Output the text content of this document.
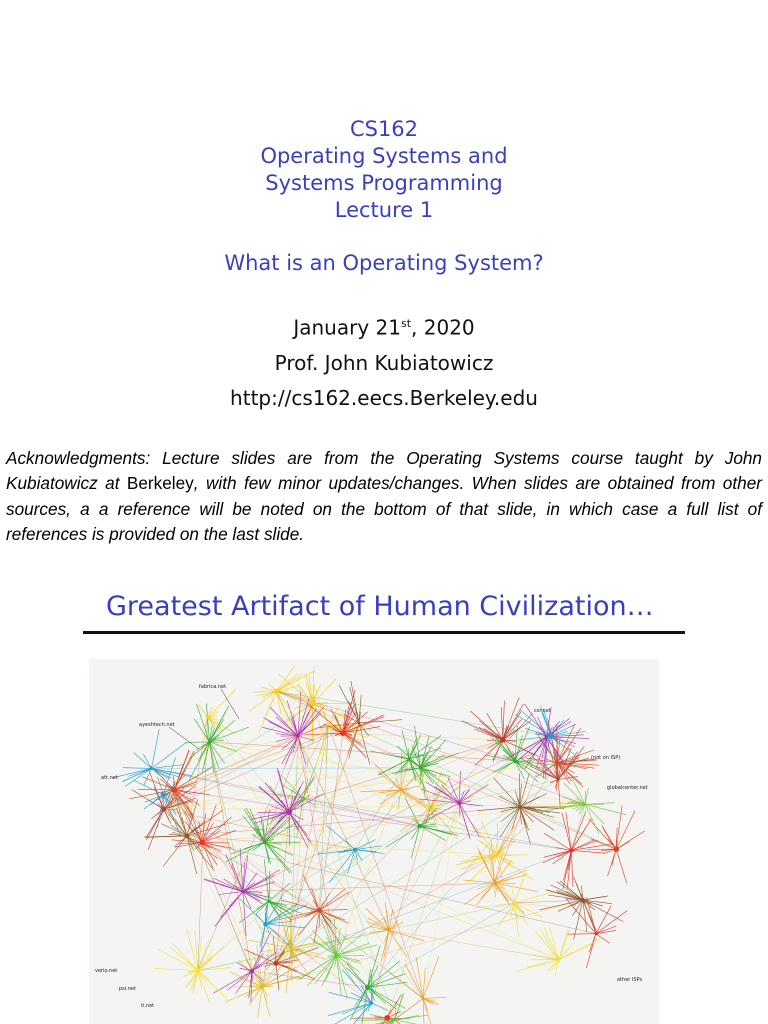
CS162
Operating Systems and
Systems Programming
Lecture 1
What is an Operating System?
January 21st, 2020
Prof. John Kubiatowicz
http://cs162.eecs.Berkeley.edu
Acknowledgments: Lecture slides are from the Operating Systems course taught by John Kubiatowicz at Berkeley, with few minor updates/changes. When slides are obtained from other sources, a a reference will be noted on the bottom of that slide, in which case a full list of references is provided on the last slide.
Greatest Artifact of Human Civilization…
fabrica.net
ayeshtech.net
att.net
csr.net
(not on ISP)
globalcenter.net
verio.net
psi.net
it.net
other ISPs
